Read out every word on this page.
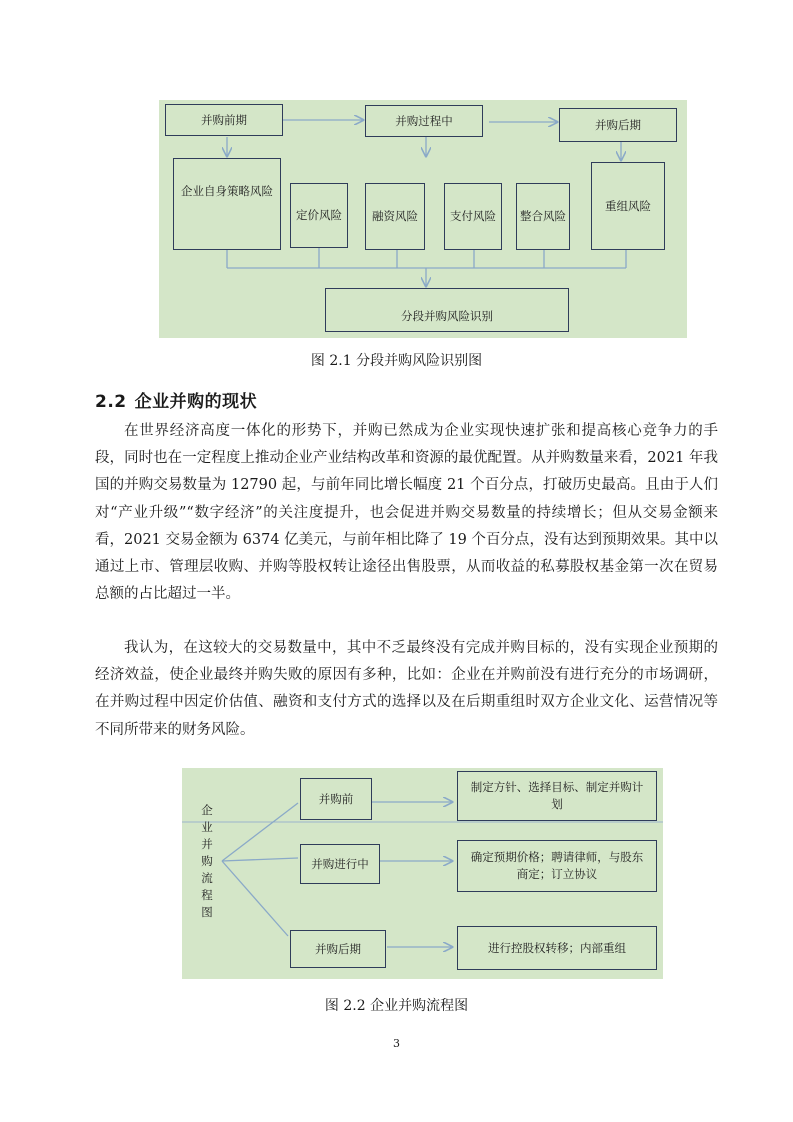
并购前期	并购过程中	并购后期
企业自身策略风险
定价风险	融资风险	支付风险	整合风险
重组风险
分段并购风险识别
图 2.1 分段并购风险识别图
2.2 企业并购的现状

在世界经济高度一体化的形势下，并购已然成为企业实现快速扩张和提高核心竞争力的手段，同时也在一定程度上推动企业产业结构改革和资源的最优配置。从并购数量来看，2021 年我国的并购交易数量为 12790 起，与前年同比增长幅度 21 个百分点，打破历史最高。且由于人们对“产业升级”“数字经济”的关注度提升，也会促进并购交易数量的持续增长；但从交易金额来看，2021 交易金额为 6374 亿美元，与前年相比降了 19 个百分点，没有达到预期效果。其中以通过上市、管理层收购、并购等股权转让途径出售股票，从而收益的私募股权基金第一次在贸易总额的占比超过一半。

我认为，在这较大的交易数量中，其中不乏最终没有完成并购目标的，没有实现企业预期的经济效益，使企业最终并购失败的原因有多种，比如：企业在并购前没有进行充分的市场调研，在并购过程中因定价估值、融资和支付方式的选择以及在后期重组时双方企业文化、运营情况等不同所带来的财务风险。

企业并购流程图
并购前
制定方针、选择目标、制定并购计划
并购进行中	确定预期价格；聘请律师，与股东商定；订立协议
并购后期	进行控股权转移；内部重组
图 2.2 企业并购流程图
3
